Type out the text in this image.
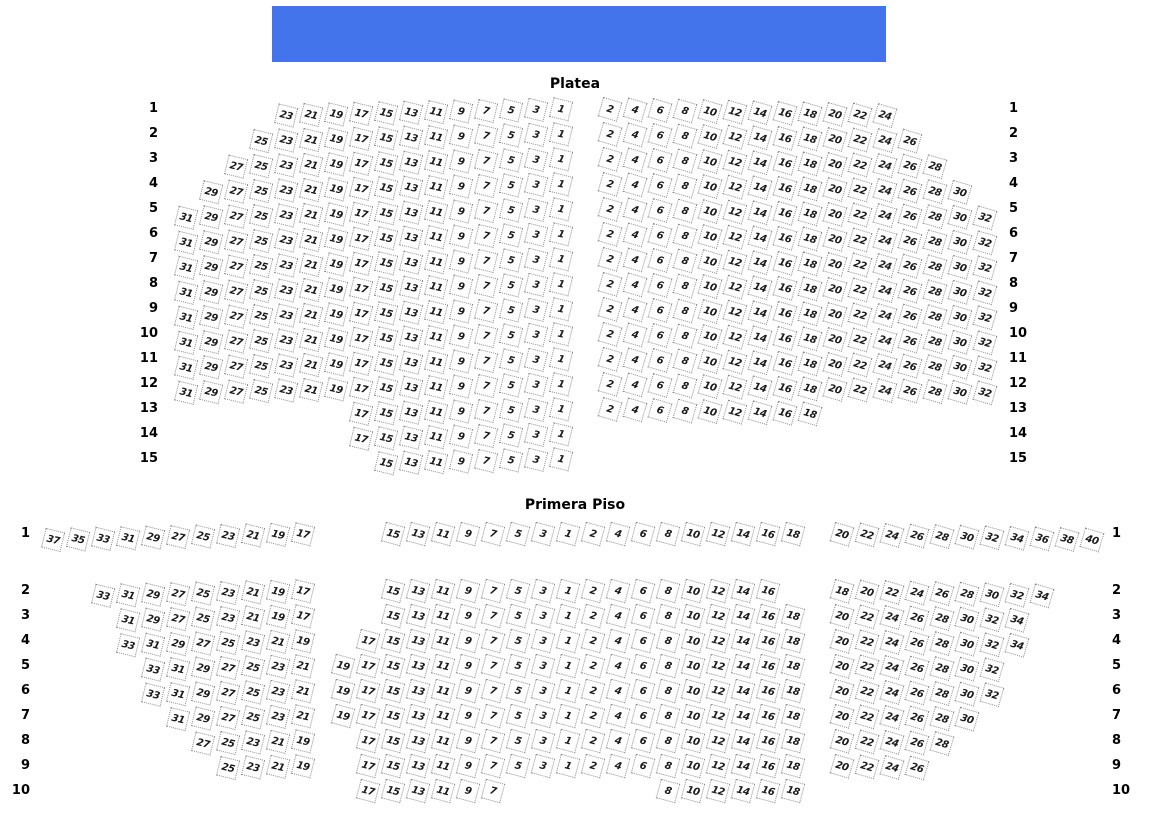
Platea
1	23 21 19 17 15 13 11	9	7	5	3	1	2	4	6	8	10 12 14 16 18 20 22 24	1
2	25 23 21 19 17 15 13 11	9	7	5	3	1	2	4	6	8	10 12 14 16 18 20 22 24 26	2
3
27 25 23 21 19 17 15 13 11	9	7	5	3	1	2	4	6	8	10 12 14 16 18 20 22 24 26 28
3
4
29 27 25 23 21 19 17 15 13 11	9	7	5	3	1	2	4	6	8	10 12 14 16 18 20 22 24 26 28 30
4
5
31 29 27 25 23 21 19 17 15 13 11	9	7	5	3	1	2	4	6	8	10 12 14 16 18 20 22 24 26 28 30 32
5
6
31 29 27 25 23 21 19 17 15 13 11	9	7	5	3	1	2	4	6	8	10 12 14 16 18 20 22 24 26 28 30 32
6
7
31 29 27 25 23 21 19 17 15 13 11	9	7	5	3	1	2	4	6	8	10 12 14 16 18 20 22 24 26 28 30 32
7
8
31 29 27 25 23 21 19 17 15 13 11	9	7	5	3	1	2	4	6	8	10 12 14 16 18 20 22 24 26 28 30 32
8
9
31 29 27 25 23 21 19 17 15 13 11	9	7	5	3	1	2	4	6	8	10 12 14 16 18 20 22 24 26 28 30 32
9
10
31 29 27 25 23 21 19 17 15 13 11	9	7	5	3	1	2	4	6	8	10 12 14 16 18 20 22 24 26 28 30 32
10
11
31 29 27 25 23 21 19 17 15 13 11	9	7	5	3	1	2	4	6	8	10 12 14 16 18 20 22 24 26 28 30 32
11
12
31 29 27 25 23 21 19 17 15 13 11	9	7	5	3	1	2	4	6	8	10 12 14 16 18 20 22 24 26 28 30 32
12
13	17 15 13 11	9	7	5	3	1	2	4	6	8	10 12 14 16 18	13
14	17 15 13 11	9	7	5	3	1	14
15	15 13 11	9	7	5	3	1	15
Primera Piso
1	37 35 33 31 29 27 25 23 21 19 17	15 13 11	9	7	5	3	1	2	4	6	8	10 12 14 16 18	20 22 24 26 28 30 32 34 36 38 40 1
2	33 31 29 27 25 23 21 19 17	15 13 11	9	7	5	3	1	2	4	6	8	10 12 14 16	18 20 22 24 26 28 30 32 34	2
3	31 29 27 25 23 21 19 17	15 13 11	9	7	5	3	1	2	4	6	8	10 12 14 16 18	20 22 24 26 28 30 32 34	3
4	33 31 29 27 25 23 21 19	17 15 13 11	9	7	5	3	1	2	4	6	8	10 12 14 16 18	20 22 24 26 28 30 32 34	4
5	33 31 29 27 25 23 21	19 17 15 13 11	9	7	5	3	1	2	4	6	8	10 12 14 16 18	20 22 24 26 28 30 32	5
6	33 31 29 27 25 23 21	19 17 15 13 11	9	7	5	3	1	2	4	6	8	10 12 14 16 18	20 22 24 26 28 30 32	6
7	31 29 27 25 23 21	19 17 15 13 11	9	7	5	3	1	2	4	6	8	10 12 14 16 18	20 22 24 26 28 30	7
8	27 25 23 21 19	17 15 13 11	9	7	5	3	1	2	4	6	8	10 12 14 16 18	20 22 24 26 28	8
9	25 23 21 19	17 15 13 11	9	7	5	3	1	2	4	6	8	10 12 14 16 18	20 22 24 26	9
10	17 15 13 11	9	7	8	10 12 14 16 18	10
